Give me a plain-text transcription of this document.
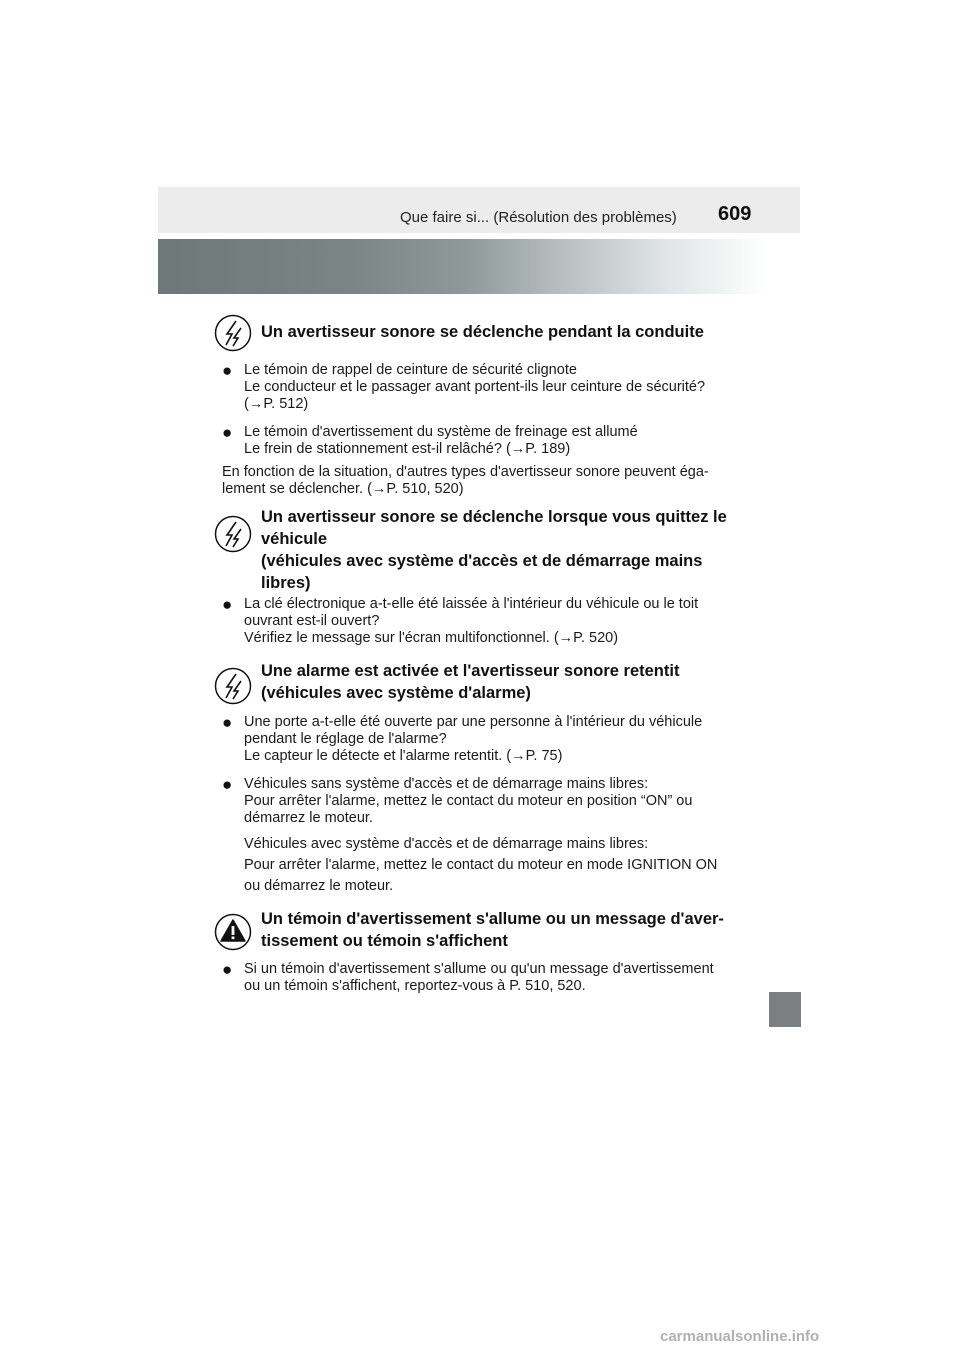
Que faire si... (Résolution des problèmes) 609
Un avertisseur sonore se déclenche pendant la conduite
● Le témoin de rappel de ceinture de sécurité clignote
Le conducteur et le passager avant portent-ils leur ceinture de sécurité?
(→P. 512)
● Le témoin d'avertissement du système de freinage est allumé
Le frein de stationnement est-il relâché? (→P. 189)
En fonction de la situation, d'autres types d'avertisseur sonore peuvent éga-
lement se déclencher. (→P. 510, 520)
Un avertisseur sonore se déclenche lorsque vous quittez le
véhicule
(véhicules avec système d'accès et de démarrage mains
libres)
● La clé électronique a-t-elle été laissée à l'intérieur du véhicule ou le toit
ouvrant est-il ouvert?
Vérifiez le message sur l'écran multifonctionnel. (→P. 520)
Une alarme est activée et l'avertisseur sonore retentit
(véhicules avec système d'alarme)
● Une porte a-t-elle été ouverte par une personne à l'intérieur du véhicule
pendant le réglage de l'alarme?
Le capteur le détecte et l'alarme retentit. (→P. 75)
● Véhicules sans système d'accès et de démarrage mains libres:
Pour arrêter l'alarme, mettez le contact du moteur en position “ON” ou
démarrez le moteur.
Véhicules avec système d'accès et de démarrage mains libres:
Pour arrêter l'alarme, mettez le contact du moteur en mode IGNITION ON
ou démarrez le moteur.
Un témoin d'avertissement s'allume ou un message d'aver-
tissement ou témoin s'affichent
● Si un témoin d'avertissement s'allume ou qu'un message d'avertissement
ou un témoin s'affichent, reportez-vous à P. 510, 520.
carmanualsonline.info
